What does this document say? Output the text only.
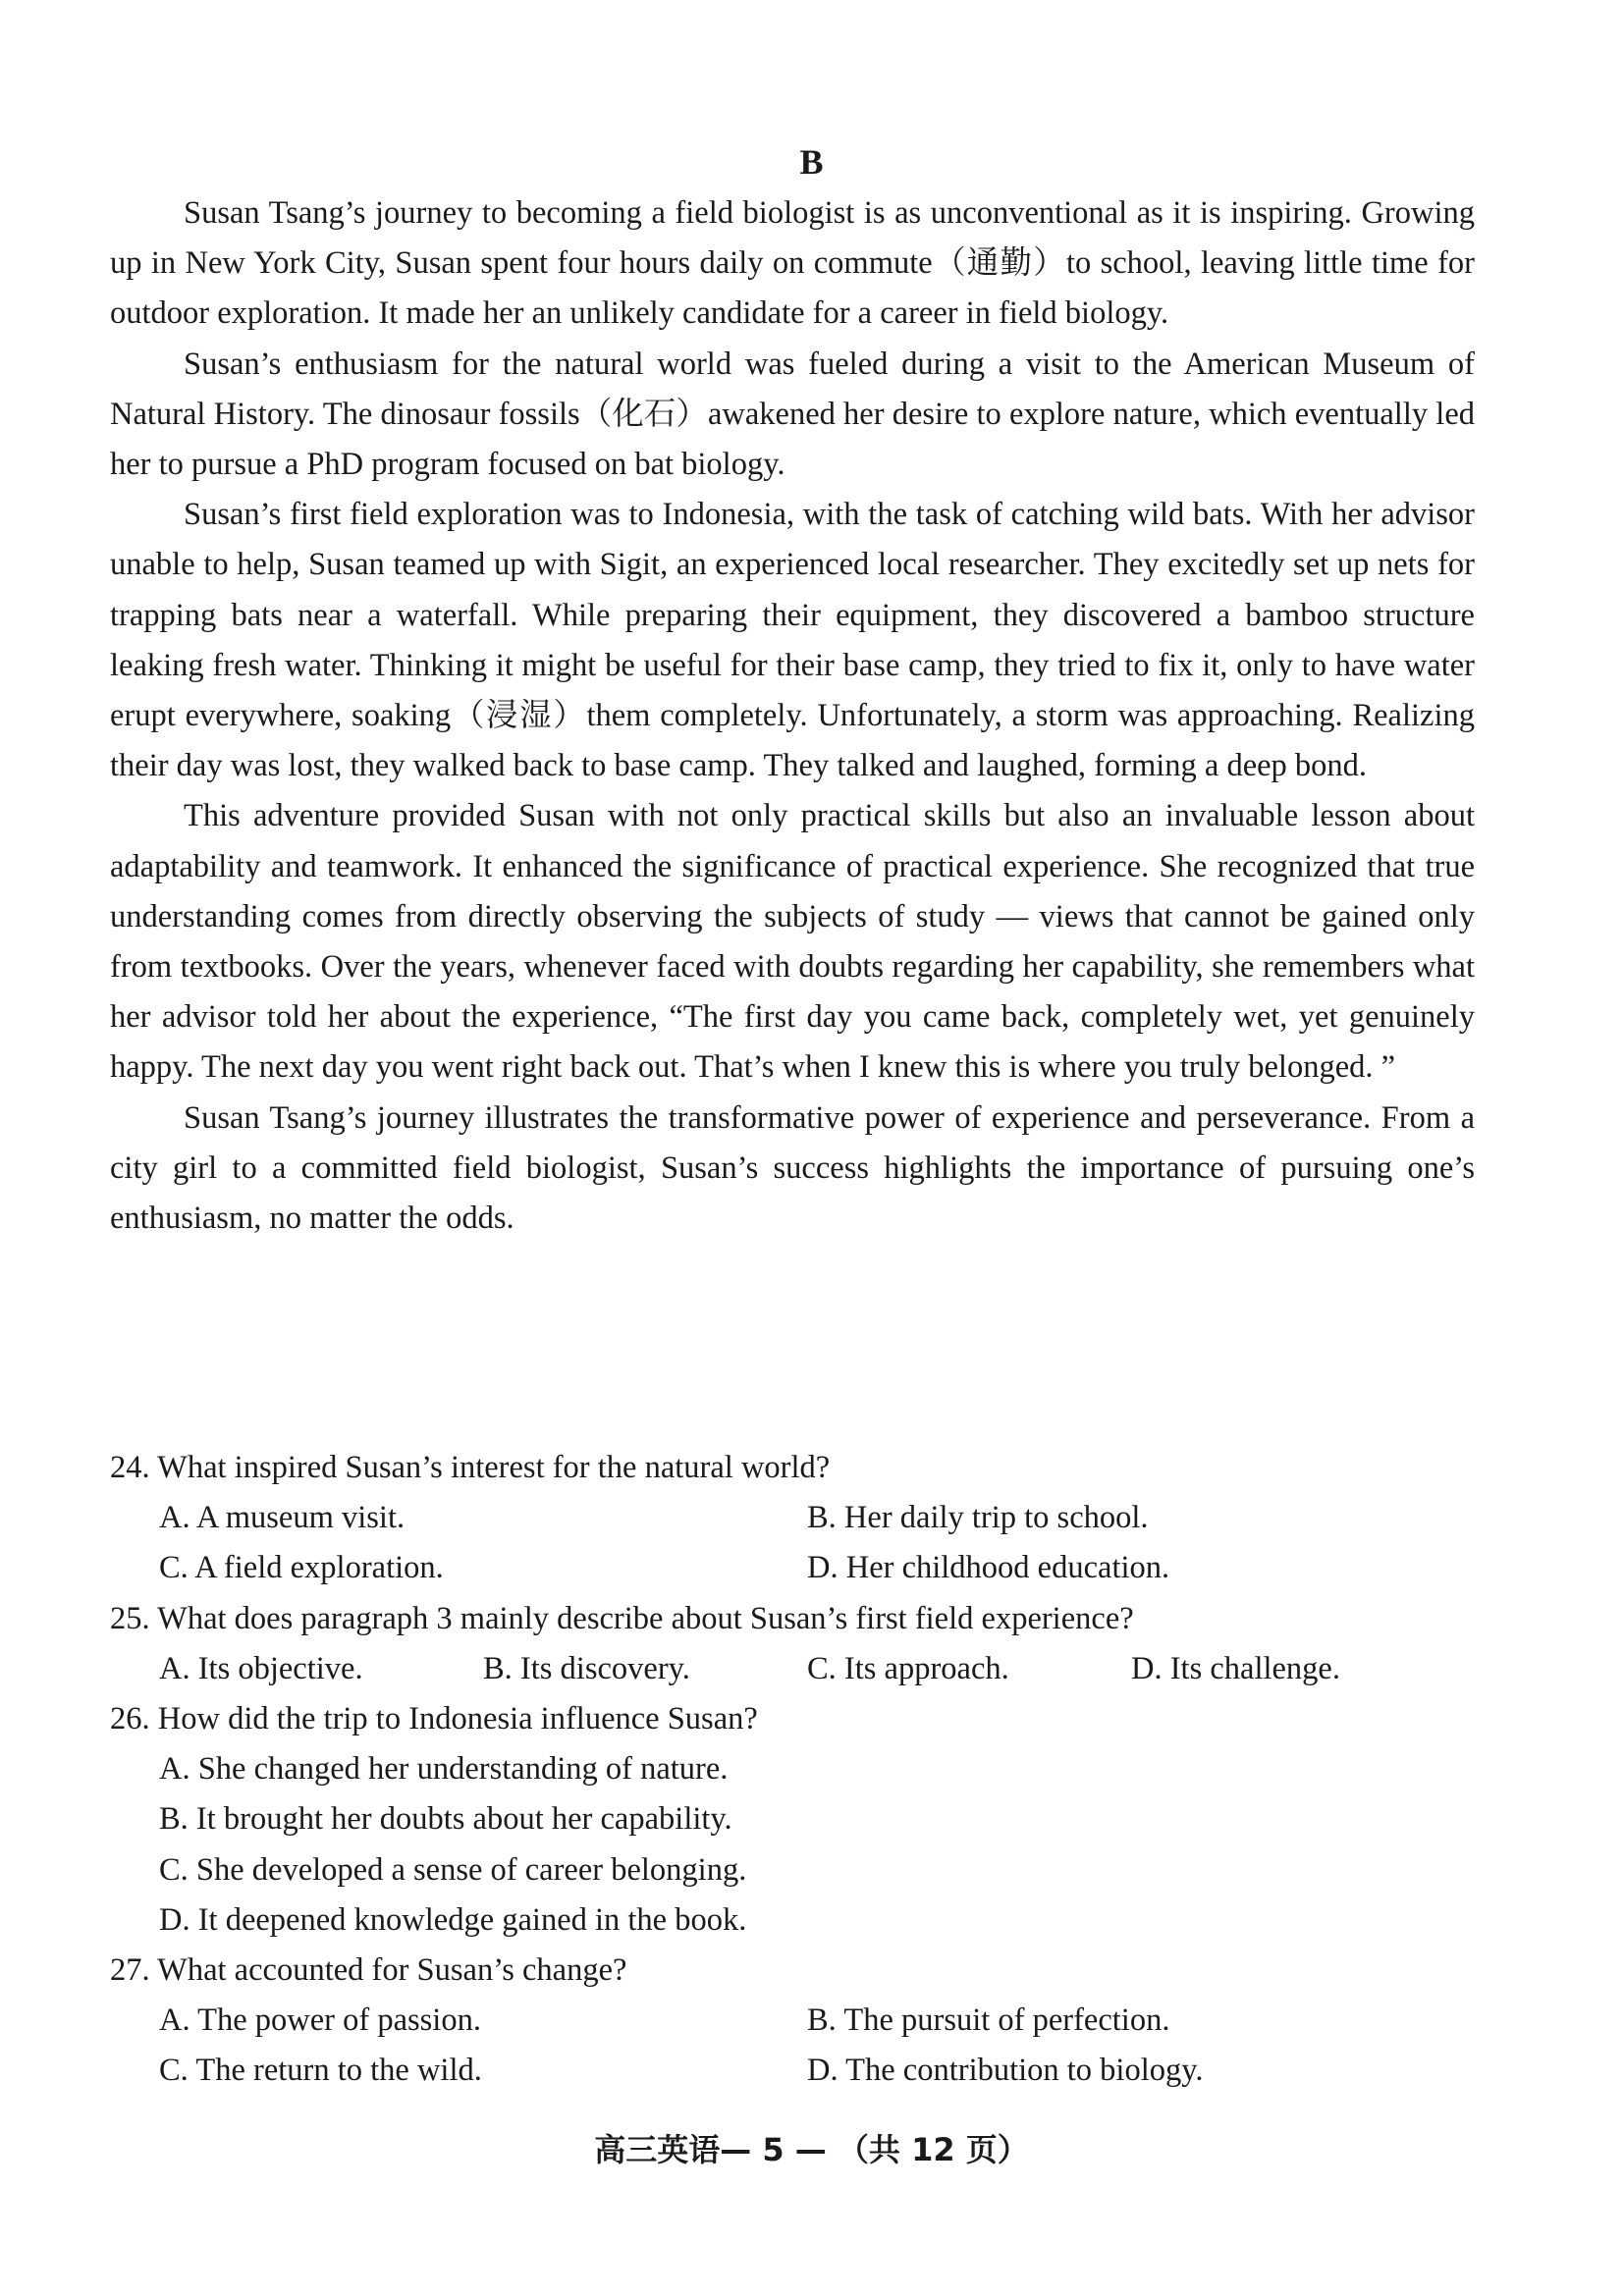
B

Susan Tsang’s journey to becoming a field biologist is as unconventional as it is inspiring. Growing up in New York City, Susan spent four hours daily on commute（通勤）to school, leaving little time for outdoor exploration. It made her an unlikely candidate for a career in field biology.

Susan’s enthusiasm for the natural world was fueled during a visit to the American Museum of Natural History. The dinosaur fossils（化石）awakened her desire to explore nature, which eventually led her to pursue a PhD program focused on bat biology.

Susan’s first field exploration was to Indonesia, with the task of catching wild bats. With her advisor unable to help, Susan teamed up with Sigit, an experienced local researcher. They excitedly set up nets for trapping bats near a waterfall. While preparing their equipment, they discovered a bamboo structure leaking fresh water. Thinking it might be useful for their base camp, they tried to fix it, only to have water erupt everywhere, soaking（浸湿）them completely. Unfortunately, a storm was approaching. Realizing their day was lost, they walked back to base camp. They talked and laughed, forming a deep bond.

This adventure provided Susan with not only practical skills but also an invaluable lesson about adaptability and teamwork. It enhanced the significance of practical experience. She recognized that true understanding comes from directly observing the subjects of study — views that cannot be gained only from textbooks. Over the years, whenever faced with doubts regarding her capability, she remembers what her advisor told her about the experience, “The first day you came back, completely wet, yet genuinely happy. The next day you went right back out. That’s when I knew this is where you truly belonged. ”

Susan Tsang’s journey illustrates the transformative power of experience and perseverance. From a city girl to a committed field biologist, Susan’s success highlights the importance of pursuing one’s enthusiasm, no matter the odds.

24. What inspired Susan’s interest for the natural world?
A. A museum visit.	B. Her daily trip to school.
C. A field exploration.	D. Her childhood education.
25. What does paragraph 3 mainly describe about Susan’s first field experience?
A. Its objective.	B. Its discovery.	C. Its approach.	D. Its challenge.
26. How did the trip to Indonesia influence Susan?
A. She changed her understanding of nature.
B. It brought her doubts about her capability.
C. She developed a sense of career belonging.
D. It deepened knowledge gained in the book.
27. What accounted for Susan’s change?
A. The power of passion.	B. The pursuit of perfection.
C. The return to the wild.	D. The contribution to biology.
高三英语— 5 — （共 12 页）
